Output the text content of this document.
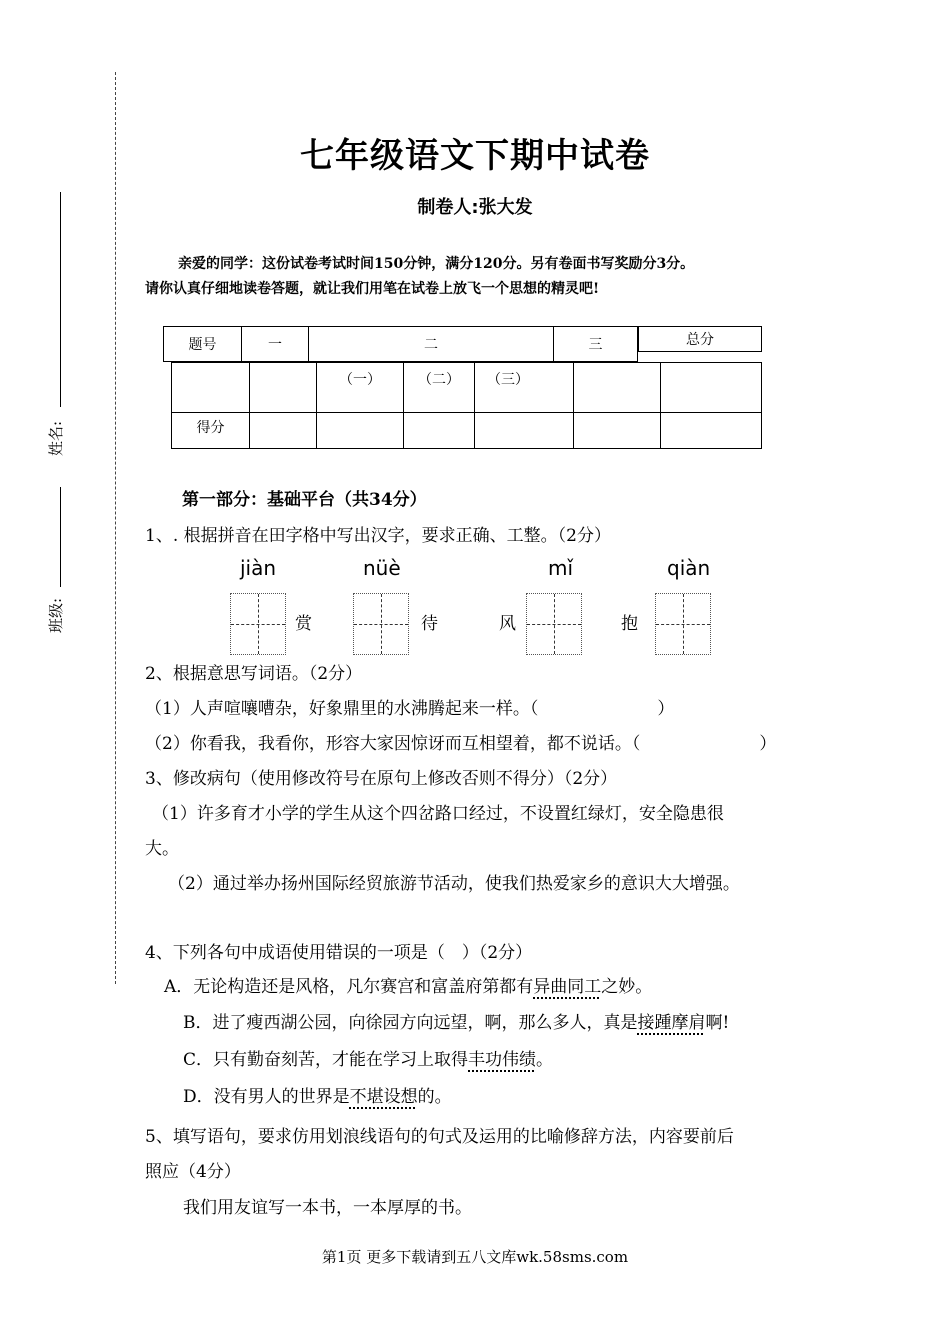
姓名:
班级:
七年级语文下期中试卷
制卷人:张大发
亲爱的同学：这份试卷考试时间150分钟，满分120分。另有卷面书写奖励分3分。
请你认真仔细地读卷答题，就让我们用笔在试卷上放飞一个思想的精灵吧!
题号	一	二	三	总分
		（一）	（二）	（三）		
得分						
第一部分：基础平台（共34分）
1、. 根据拼音在田字格中写出汉字，要求正确、工整。（2分）
jiàn	nüè	mǐ	qiàn
赏	待	风	抱
2、根据意思写词语。（2分）
（1）人声喧嚷嘈杂，好象鼎里的水沸腾起来一样。（　　　　　　　）
（2）你看我，我看你，形容大家因惊讶而互相望着，都不说话。（　　　　　　　）
3、修改病句（使用修改符号在原句上修改否则不得分）（2分）
（1）许多育才小学的学生从这个四岔路口经过，不设置红绿灯，安全隐患很
大。
（2）通过举办扬州国际经贸旅游节活动，使我们热爱家乡的意识大大增强。
4、下列各句中成语使用错误的一项是（　）（2分）
A．无论构造还是风格，凡尔赛宫和富盖府第都有异曲同工之妙。
B．进了瘦西湖公园，向徐园方向远望，啊，那么多人，真是接踵摩肩啊!
C．只有勤奋刻苦，才能在学习上取得丰功伟绩。
D．没有男人的世界是不堪设想的。
5、填写语句，要求仿用划浪线语句的句式及运用的比喻修辞方法，内容要前后
照应（4分）
我们用友谊写一本书，一本厚厚的书。
第1页 更多下载请到五八文库wk.58sms.com
